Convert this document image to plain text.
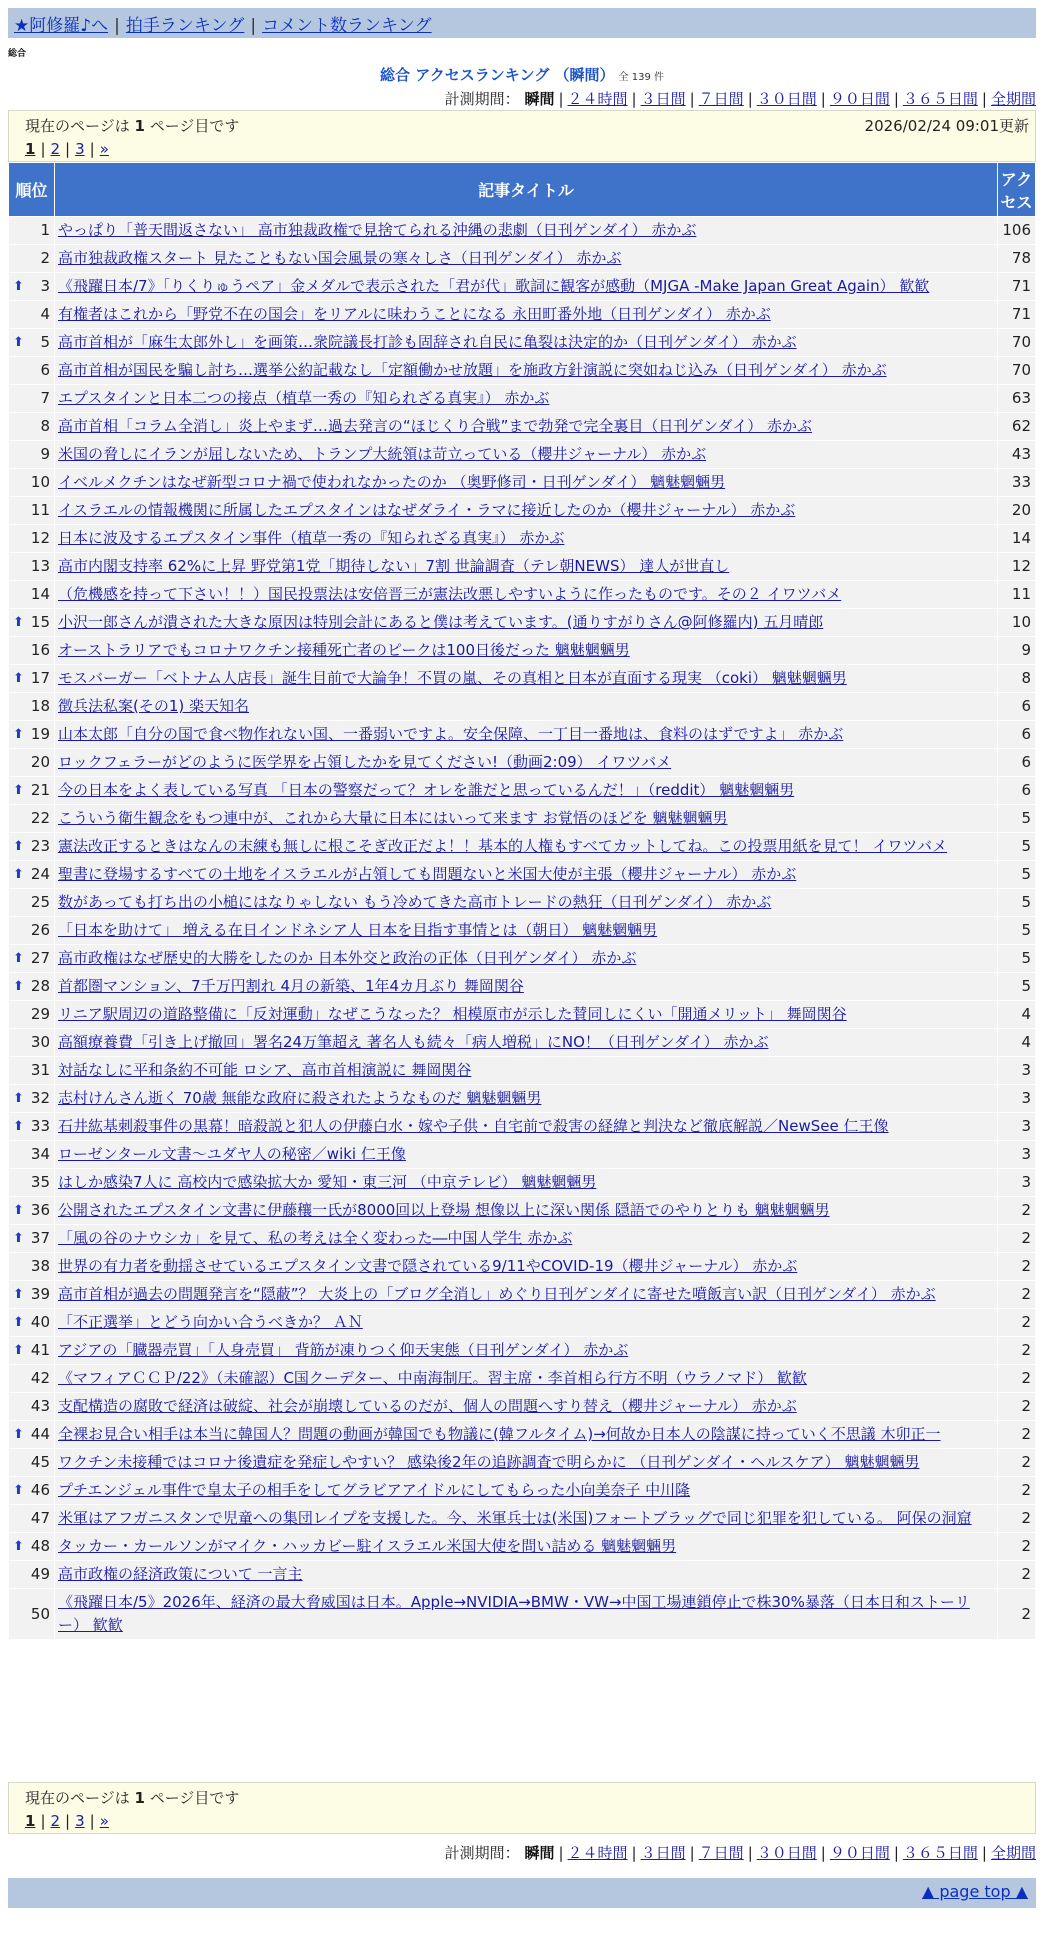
★阿修羅♪へ | 拍手ランキング | コメント数ランキング
総合
総合 アクセスランキング （瞬間） 全 139 件
計測期間： 瞬間 | ２４時間 | ３日間 | ７日間 | ３０日間 | ９０日間 | ３６５日間 | 全期間
現在のページは 1 ページ目です	2026/02/24 09:01更新
1 | 2 | 3 | »
順位	記事タイトル	アクセス
1	やっぱり「普天間返さない」 高市独裁政権で見捨てられる沖縄の悲劇（日刊ゲンダイ） 赤かぶ	106
2	高市独裁政権スタート 見たこともない国会風景の寒々しさ（日刊ゲンダイ） 赤かぶ	78

⬆ 3	《飛躍日本/7》「りくりゅうペア」金メダルで表示された「君が代」歌詞に観客が感動（MJGA -Make Japan Great Again） 歓歓	71
4	有権者はこれから「野党不在の国会」をリアルに味わうことになる 永田町番外地（日刊ゲンダイ） 赤かぶ	71

⬆ 5	高市首相が「麻生太郎外し」を画策…衆院議長打診も固辞され自民に亀裂は決定的か（日刊ゲンダイ） 赤かぶ	70
6	高市首相が国民を騙し討ち…選挙公約記載なし「定額働かせ放題」を施政方針演説に突如ねじ込み（日刊ゲンダイ） 赤かぶ	70
7	エプスタインと日本二つの接点（植草一秀の『知られざる真実』） 赤かぶ	63
8	高市首相「コラム全消し」炎上やまず…過去発言の“ほじくり合戦”まで勃発で完全裏目（日刊ゲンダイ） 赤かぶ	62
9	米国の脅しにイランが屈しないため、トランプ大統領は苛立っている（櫻井ジャーナル） 赤かぶ	43
10	イベルメクチンはなぜ新型コロナ禍で使われなかったのか （奥野修司・日刊ゲンダイ） 魑魅魍魎男	33
11	イスラエルの情報機関に所属したエプスタインはなぜダライ・ラマに接近したのか（櫻井ジャーナル） 赤かぶ	20
12	日本に波及するエプスタイン事件（植草一秀の『知られざる真実』） 赤かぶ	14
13	高市内閣支持率 62%に上昇 野党第1党「期待しない」7割 世論調査（テレ朝NEWS） 達人が世直し	12
14	（危機感を持って下さい！！）国民投票法は安倍晋三が憲法改悪しやすいように作ったものです。その２ イワツバメ	11

⬆ 15	小沢一郎さんが潰された大きな原因は特別会計にあると僕は考えています。(通りすがりさん@阿修羅内) 五月晴郎	10
16	オーストラリアでもコロナワクチン接種死亡者のピークは100日後だった 魑魅魍魎男	9

⬆ 17	モスバーガー「ベトナム人店長」誕生目前で大論争！不買の嵐、その真相と日本が直面する現実 （coki） 魑魅魍魎男	8
18	徴兵法私案(その1) 楽天知名	6

⬆ 19	山本太郎「自分の国で食べ物作れない国、一番弱いですよ。安全保障、一丁目一番地は、食料のはずですよ」 赤かぶ	6
20	ロックフェラーがどのように医学界を占領したかを見てください!（動画2:09） イワツバメ	6

⬆ 21	今の日本をよく表している写真 「日本の警察だって？オレを誰だと思っているんだ！」（reddit） 魑魅魍魎男	6
22	こういう衛生観念をもつ連中が、これから大量に日本にはいって来ます お覚悟のほどを 魑魅魍魎男	5

⬆ 23	憲法改正するときはなんの末練も無しに根こそぎ改正だよ！！基本的人権もすべてカットしてね。この投票用紙を見て！ イワツバメ	5

⬆ 24	聖書に登場するすべての土地をイスラエルが占領しても問題ないと米国大使が主張（櫻井ジャーナル） 赤かぶ	5
25	数があっても打ち出の小槌にはなりゃしない もう冷めてきた高市トレードの熱狂（日刊ゲンダイ） 赤かぶ	5
26	「日本を助けて」 増える在日インドネシア人 日本を目指す事情とは（朝日） 魑魅魍魎男	5

⬆ 27	高市政権はなぜ歴史的大勝をしたのか 日本外交と政治の正体（日刊ゲンダイ） 赤かぶ	5

⬆ 28	首都圏マンション、7千万円割れ 4月の新築、1年4カ月ぶり 舞岡関谷	5
29	リニア駅周辺の道路整備に「反対運動」なぜこうなった？ 相模原市が示した賛同しにくい「開通メリット」 舞岡関谷	4
30	高額療養費「引き上げ撤回」署名24万筆超え 著名人も続々「病人増税」にNO！（日刊ゲンダイ） 赤かぶ	4
31	対話なしに平和条約不可能 ロシア、高市首相演説に 舞岡関谷	3

⬆ 32	志村けんさん逝く 70歳 無能な政府に殺されたようなものだ 魑魅魍魎男	3

⬆ 33	石井紘基刺殺事件の黒幕！暗殺説と犯人の伊藤白水・嫁や子供・自宅前で殺害の経緯と判決など徹底解説／NewSee 仁王像	3
34	ローゼンタール文書～ユダヤ人の秘密／wiki 仁王像	3
35	はしか感染7人に 高校内で感染拡大か 愛知・東三河 （中京テレビ） 魑魅魍魎男	3

⬆ 36	公開されたエプスタイン文書に伊藤穰一氏が8000回以上登場 想像以上に深い関係 隠語でのやりとりも 魑魅魍魎男	2

⬆ 37	「風の谷のナウシカ」を見て、私の考えは全く変わった―中国人学生 赤かぶ	2
38	世界の有力者を動揺させているエプスタイン文書で隠されている9/11やCOVID-19（櫻井ジャーナル） 赤かぶ	2

⬆ 39	高市首相が過去の問題発言を“隠蔽”？ 大炎上の「ブログ全消し」めぐり日刊ゲンダイに寄せた噴飯言い訳（日刊ゲンダイ） 赤かぶ	2

⬆ 40	「不正選挙」とどう向かい合うべきか？ ＡＮ	2

⬆ 41	アジアの「臓器売買」「人身売買」 背筋が凍りつく仰天実態（日刊ゲンダイ） 赤かぶ	2
42	《マフィアＣＣＰ/22》（未確認）C国クーデター、中南海制圧。習主席・李首相ら行方不明（ウラノマド） 歓歓	2
43	支配構造の腐敗で経済は破綻、社会が崩壊しているのだが、個人の問題へすり替え（櫻井ジャーナル） 赤かぶ	2

⬆ 44	全裸お見合い相手は本当に韓国人？問題の動画が韓国でも物議に(韓フルタイム)→何故か日本人の陰謀に持っていく不思議 木卯正一	2
45	ワクチン未接種ではコロナ後遺症を発症しやすい？ 感染後2年の追跡調査で明らかに （日刊ゲンダイ・ヘルスケア） 魑魅魍魎男	2

⬆ 46	プチエンジェル事件で皇太子の相手をしてグラビアアイドルにしてもらった小向美奈子 中川隆	2
47	米軍はアフガニスタンで児童への集団レイプを支援した。今、米軍兵士は(米国)フォートブラッグで同じ犯罪を犯している。 阿保の洞窟	2

⬆ 48	タッカー・カールソンがマイク・ハッカビー駐イスラエル米国大使を問い詰める 魑魅魍魎男	2
49	高市政権の経済政策について 一言主	2
50	《飛躍日本/5》2026年、経済の最大脅威国は日本。Apple→NVIDIA→BMW・VW→中国工場連鎖停止で株30%暴落（日本日和ストーリー） 歓歓	2
現在のページは 1 ページ目です
1 | 2 | 3 | »
計測期間： 瞬間 | ２４時間 | ３日間 | ７日間 | ３０日間 | ９０日間 | ３６５日間 | 全期間
▲ page top ▲
